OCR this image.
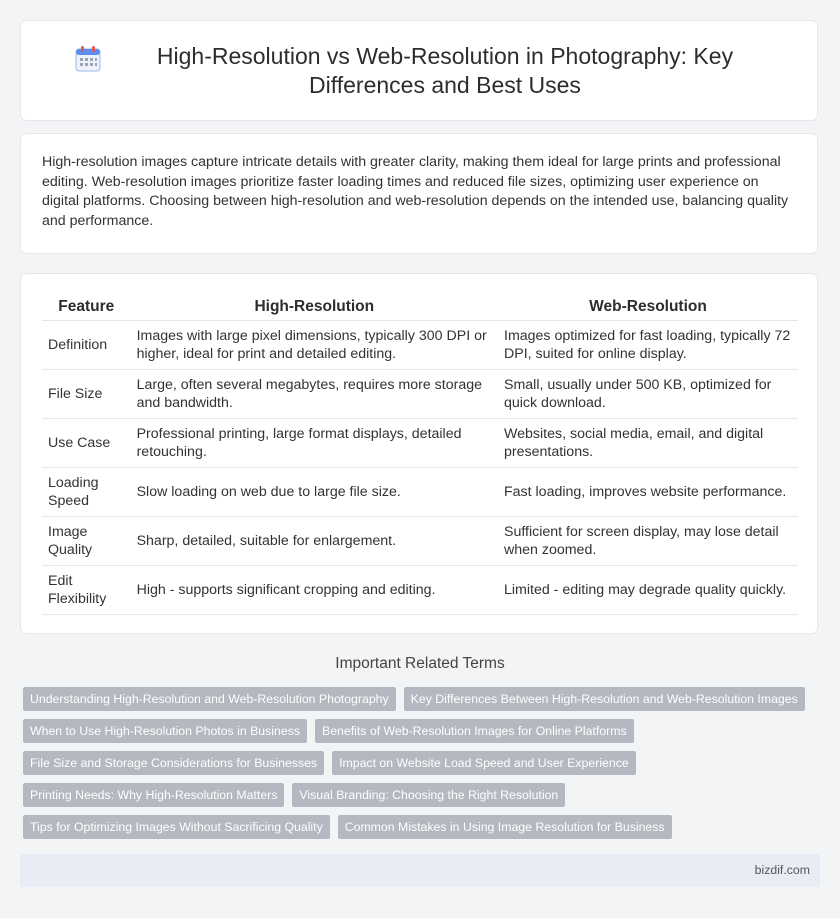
High-Resolution vs Web-Resolution in Photography: Key Differences and Best Uses

High-resolution images capture intricate details with greater clarity, making them ideal for large prints and professional editing. Web-resolution images prioritize faster loading times and reduced file sizes, optimizing user experience on digital platforms. Choosing between high-resolution and web-resolution depends on the intended use, balancing quality and performance.

Feature	High-Resolution	Web-Resolution
Definition	Images with large pixel dimensions, typically 300 DPI or higher, ideal for print and detailed editing.	Images optimized for fast loading, typically 72 DPI, suited for online display.
File Size	Large, often several megabytes, requires more storage and bandwidth.	Small, usually under 500 KB, optimized for quick download.
Use Case	Professional printing, large format displays, detailed retouching.	Websites, social media, email, and digital presentations.
Loading Speed	Slow loading on web due to large file size.	Fast loading, improves website performance.
Image Quality	Sharp, detailed, suitable for enlargement.	Sufficient for screen display, may lose detail when zoomed.
Edit Flexibility	High - supports significant cropping and editing.	Limited - editing may degrade quality quickly.
Important Related Terms
Understanding High-Resolution and Web-Resolution Photography	Key Differences Between High-Resolution and Web-Resolution Images
When to Use High-Resolution Photos in Business	Benefits of Web-Resolution Images for Online Platforms
File Size and Storage Considerations for Businesses	Impact on Website Load Speed and User Experience
Printing Needs: Why High-Resolution Matters	Visual Branding: Choosing the Right Resolution
Tips for Optimizing Images Without Sacrificing Quality	Common Mistakes in Using Image Resolution for Business
bizdif.com
